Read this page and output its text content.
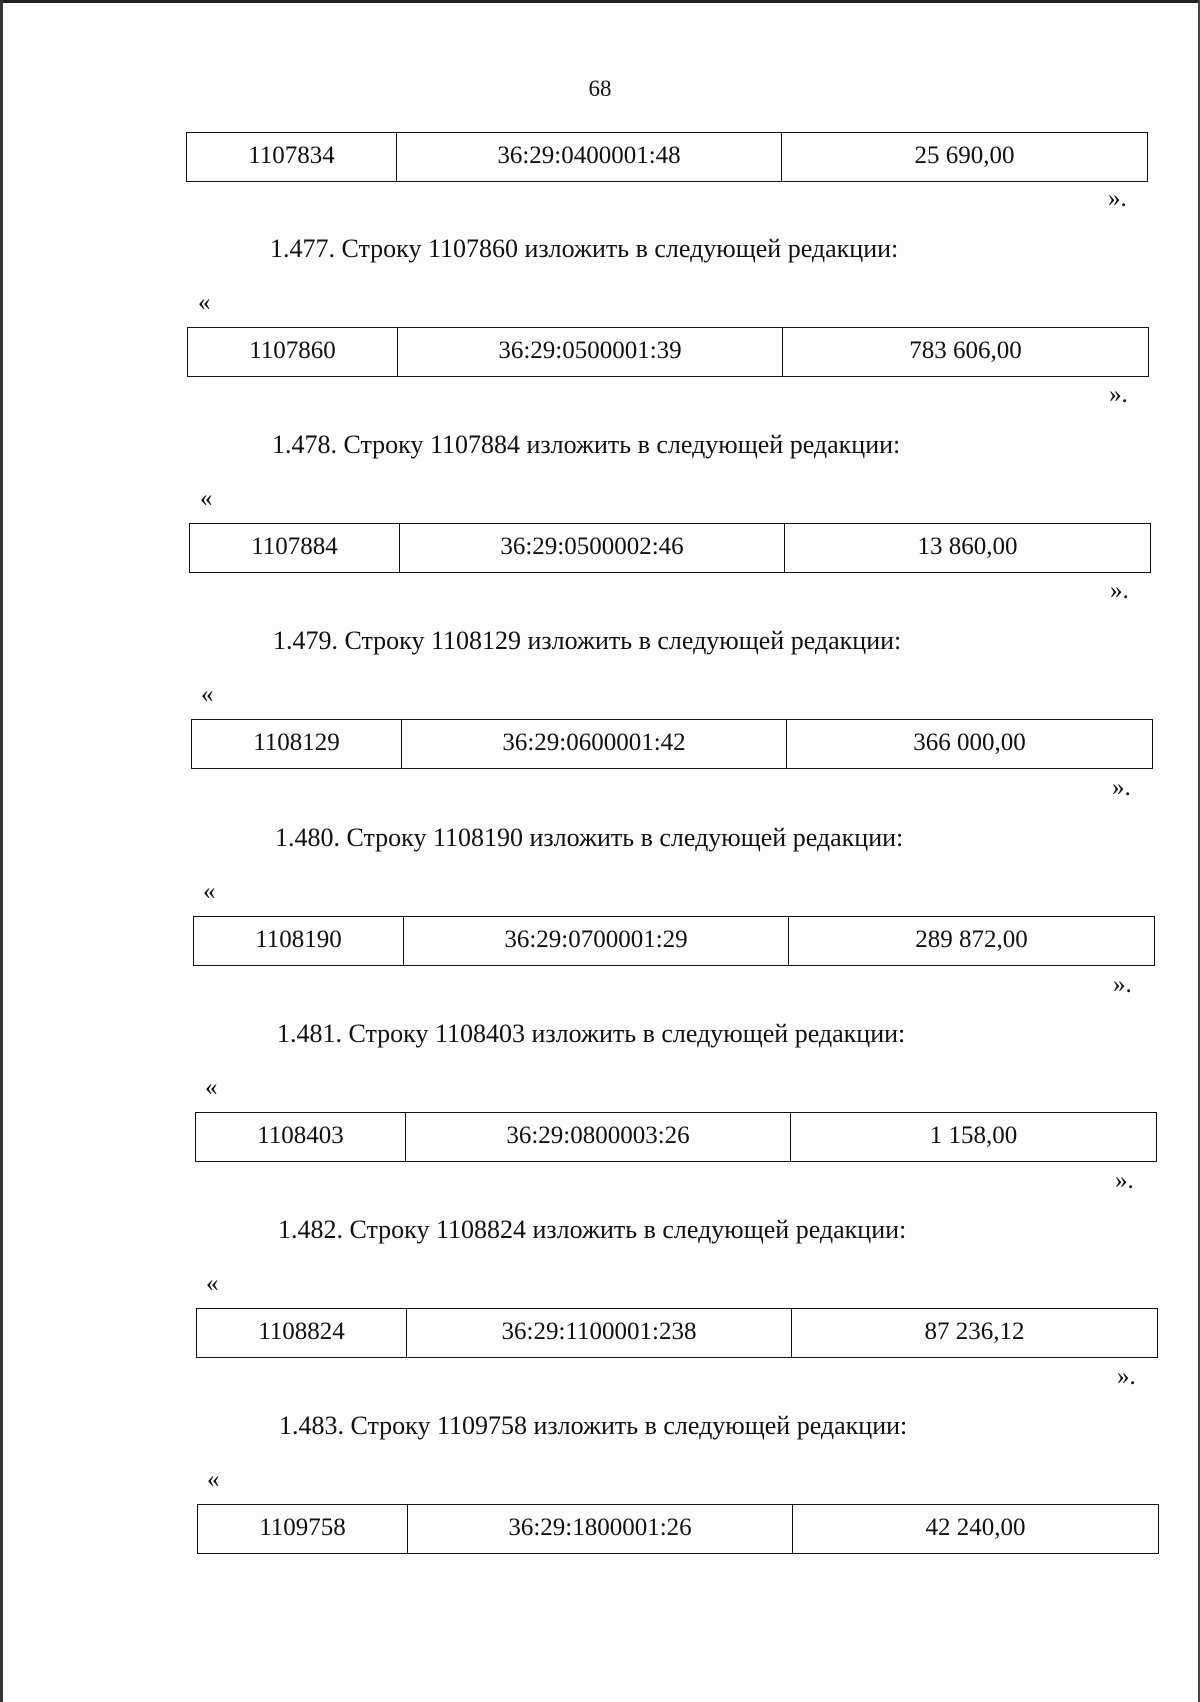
68
1107834	36:29:0400001:48	25 690,00
».
1.477. Строку 1107860 изложить в следующей редакции:
«
1107860	36:29:0500001:39	783 606,00
».
1.478. Строку 1107884 изложить в следующей редакции:
«
1107884	36:29:0500002:46	13 860,00
».
1.479. Строку 1108129 изложить в следующей редакции:
«
1108129	36:29:0600001:42	366 000,00
».
1.480. Строку 1108190 изложить в следующей редакции:
«
1108190	36:29:0700001:29	289 872,00
».
1.481. Строку 1108403 изложить в следующей редакции:
«
1108403	36:29:0800003:26	1 158,00
».
1.482. Строку 1108824 изложить в следующей редакции:
«
1108824	36:29:1100001:238	87 236,12
».
1.483. Строку 1109758 изложить в следующей редакции:
«
1109758	36:29:1800001:26	42 240,00
